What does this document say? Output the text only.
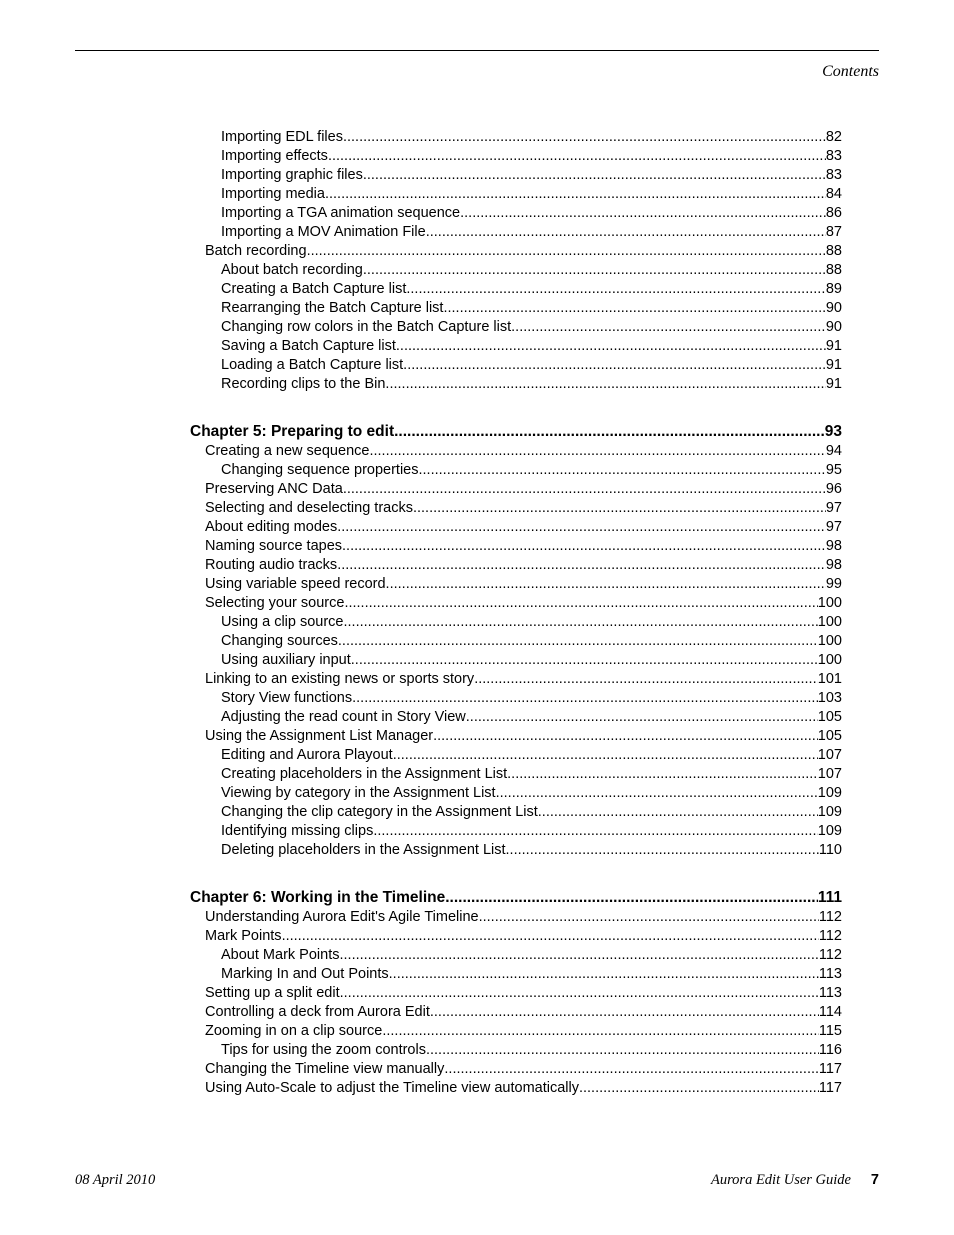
Contents
Importing EDL files .....	82
Importing effects .....	83
Importing graphic files .....	83
Importing media .....	84
Importing a TGA animation sequence .....	86
Importing a MOV Animation File .....	87
Batch recording .....	88
About batch recording .....	88
Creating a Batch Capture list .....	89
Rearranging the Batch Capture list .....	90
Changing row colors in the Batch Capture list .....	90
Saving a Batch Capture list .....	91
Loading a Batch Capture list .....	91
Recording clips to the Bin .....	91
Chapter 5: Preparing to edit .....	93
Creating a new sequence .....	94
Changing sequence properties .....	95
Preserving ANC Data .....	96
Selecting and deselecting tracks .....	97
About editing modes .....	97
Naming source tapes .....	98
Routing audio tracks .....	98
Using variable speed record .....	99
Selecting your source .....	100
Using a clip source .....	100
Changing sources .....	100
Using auxiliary input .....	100
Linking to an existing news or sports story .....	101
Story View functions .....	103
Adjusting the read count in Story View .....	105
Using the Assignment List Manager .....	105
Editing and Aurora Playout .....	107
Creating placeholders in the Assignment List .....	107
Viewing by category in the Assignment List .....	109
Changing the clip category in the Assignment List .....	109
Identifying missing clips .....	109
Deleting placeholders in the Assignment List .....	110
Chapter 6: Working in the Timeline .....	111
Understanding Aurora Edit's Agile Timeline .....	112
Mark Points .....	112
About Mark Points .....	112
Marking In and Out Points .....	113
Setting up a split edit .....	113
Controlling a deck from Aurora Edit .....	114
Zooming in on a clip source .....	115
Tips for using the zoom controls .....	116
Changing the Timeline view manually .....	117
Using Auto-Scale to adjust the Timeline view automatically .....	117
08 April 2010	Aurora Edit User Guide 7
